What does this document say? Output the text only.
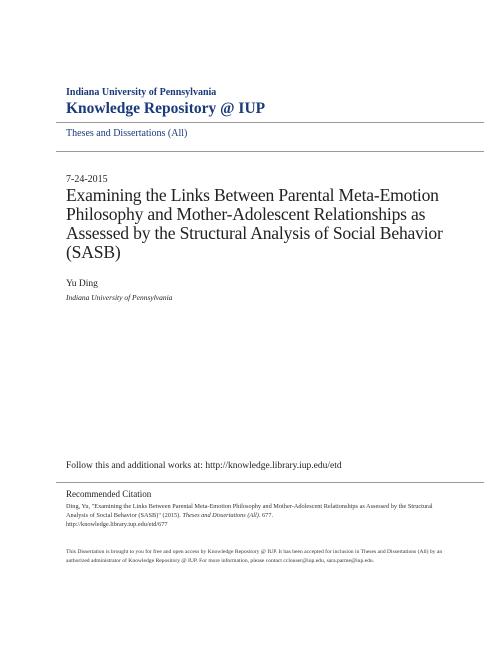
Indiana University of Pennsylvania
Knowledge Repository @ IUP
Theses and Dissertations (All)
7-24-2015
Examining the Links Between Parental Meta-Emotion Philosophy and Mother-Adolescent Relationships as Assessed by the Structural Analysis of Social Behavior (SASB)
Yu Ding
Indiana University of Pennsylvania
Follow this and additional works at: http://knowledge.library.iup.edu/etd
Recommended Citation
Ding, Yu, "Examining the Links Between Parental Meta-Emotion Philosophy and Mother-Adolescent Relationships as Assessed by the Structural Analysis of Social Behavior (SASB)" (2015). Theses and Dissertations (All). 677.
http://knowledge.library.iup.edu/etd/677
This Dissertation is brought to you for free and open access by Knowledge Repository @ IUP. It has been accepted for inclusion in Theses and Dissertations (All) by an authorized administrator of Knowledge Repository @ IUP. For more information, please contact cclouser@iup.edu, sara.parme@iup.edu.
